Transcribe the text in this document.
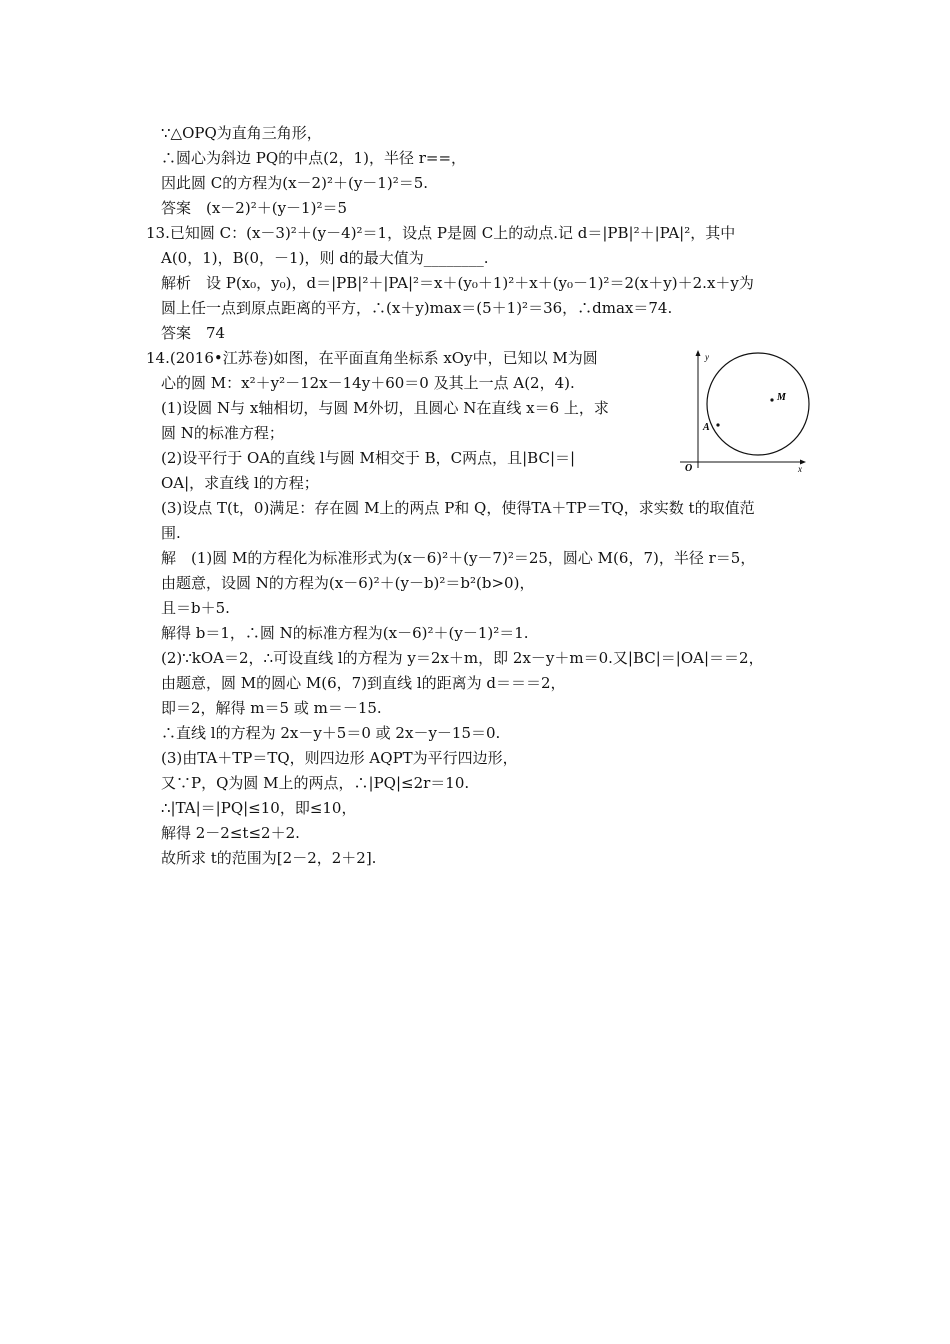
∵△OPQ为直角三角形，
∴圆心为斜边 PQ的中点(2，1)，半径 r==，
因此圆 C的方程为(x－2)²＋(y－1)²＝5.
答案　(x－2)²＋(y－1)²＝5
13.已知圆 C：(x－3)²＋(y－4)²＝1，设点 P是圆 C上的动点.记 d＝|PB|²＋|PA|²，其中
A(0，1)，B(0，－1)，则 d的最大值为________.
解析　设 P(x₀，y₀)，d＝|PB|²＋|PA|²＝x＋(y₀＋1)²＋x＋(y₀－1)²＝2(x＋y)＋2.x＋y为
圆上任一点到原点距离的平方，∴(x＋y)max＝(5＋1)²＝36，∴dmax＝74.
答案　74
14.(2016•江苏卷)如图，在平面直角坐标系 xOy中，已知以 M为圆
心的圆 M：x²＋y²－12x－14y＋60＝0 及其上一点 A(2，4).
(1)设圆 N与 x轴相切，与圆 M外切，且圆心 N在直线 x＝6 上，求
圆 N的标准方程；
(2)设平行于 OA的直线 l与圆 M相交于 B，C两点，且|BC|＝|
OA|，求直线 l的方程；
(3)设点 T(t，0)满足：存在圆 M上的两点 P和 Q，使得TA＋TP＝TQ，求实数 t的取值范
围.
解　(1)圆 M的方程化为标准形式为(x－6)²＋(y－7)²＝25，圆心 M(6，7)，半径 r＝5，
由题意，设圆 N的方程为(x－6)²＋(y－b)²＝b²(b>0)，
且＝b＋5.
解得 b＝1，∴圆 N的标准方程为(x－6)²＋(y－1)²＝1.
(2)∵kOA＝2，∴可设直线 l的方程为 y＝2x＋m，即 2x－y＋m＝0.又|BC|＝|OA|＝＝2，
由题意，圆 M的圆心 M(6，7)到直线 l的距离为 d＝＝＝2，
即＝2，解得 m＝5 或 m＝－15.
∴直线 l的方程为 2x－y＋5＝0 或 2x－y－15＝0.
(3)由TA＋TP＝TQ，则四边形 AQPT为平行四边形，
又∵P，Q为圆 M上的两点，∴|PQ|≤2r＝10.
∴|TA|＝|PQ|≤10，即≤10，
解得 2－2≤t≤2＋2.
故所求 t的范围为[2－2，2＋2].
y
x
O
M
A
